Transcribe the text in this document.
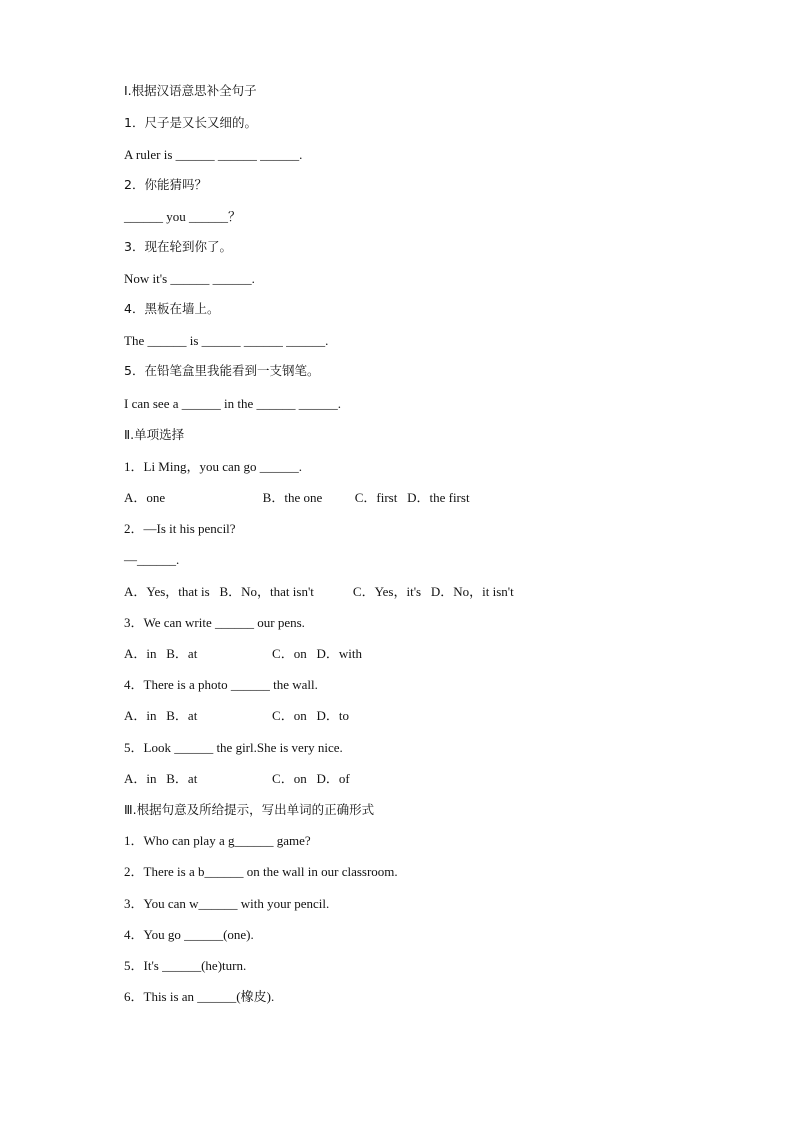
Ⅰ.根据汉语意思补全句子
1．尺子是又长又细的。
A ruler is ______ ______ ______.
2．你能猜吗？
______ you ______？
3．现在轮到你了。
Now it's ______ ______.
4．黑板在墙上。
The ______ is ______ ______ ______.
5．在铅笔盒里我能看到一支钢笔。
I can see a ______ in the ______ ______.
Ⅱ.单项选择
1．Li Ming，you can go ______.
A．one                              B．the one          C．first   D．the first
2．—Is it his pencil?
—______.
A．Yes，that is   B．No，that isn't            C．Yes，it's   D．No，it isn't
3．We can write ______ our pens.
A．in   B．at                       C．on   D．with
4．There is a photo ______ the wall.
A．in   B．at                       C．on   D．to
5．Look ______ the girl.She is very nice.
A．in   B．at                       C．on   D．of
Ⅲ.根据句意及所给提示，写出单词的正确形式
1．Who can play a g______ game?
2．There is a b______ on the wall in our classroom.
3．You can w______ with your pencil.
4．You go ______(one).
5．It's ______(he)turn.
6．This is an ______(橡皮).
